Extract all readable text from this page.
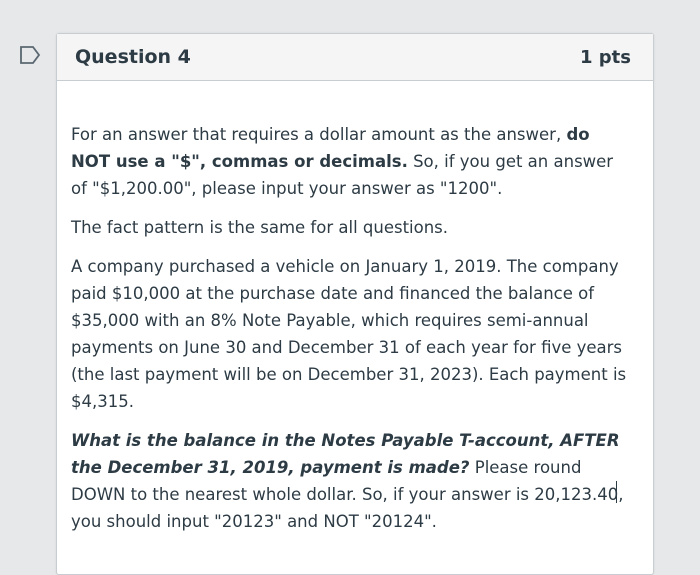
Question 4	1 pts

For an answer that requires a dollar amount as the answer, do NOT use a "$", commas or decimals. So, if you get an answer of "$1,200.00", please input your answer as "1200".

The fact pattern is the same for all questions.

A company purchased a vehicle on January 1, 2019. The company paid $10,000 at the purchase date and financed the balance of $35,000 with an 8% Note Payable, which requires semi-annual payments on June 30 and December 31 of each year for five years (the last payment will be on December 31, 2023). Each payment is $4,315.

What is the balance in the Notes Payable T-account, AFTER the December 31, 2019, payment is made? Please round DOWN to the nearest whole dollar. So, if your answer is 20,123.40, you should input "20123" and NOT "20124".
